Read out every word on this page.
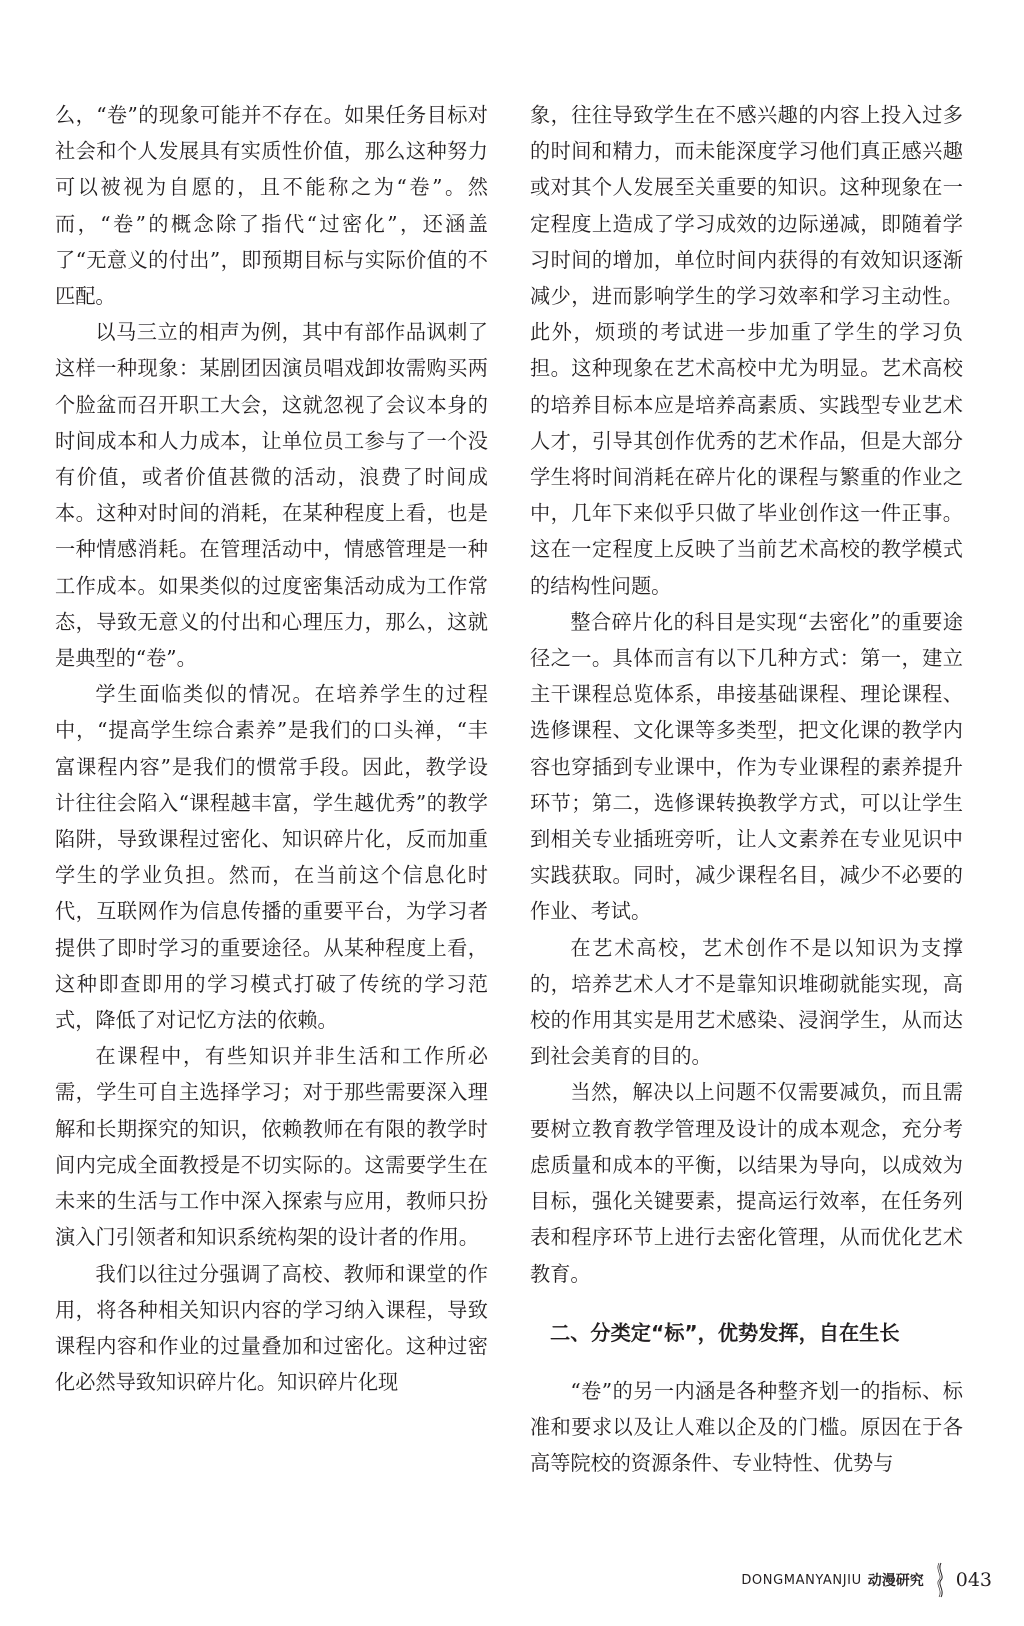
么，“卷”的现象可能并不存在。如果任务目标对社会和个人发展具有实质性价值，那么这种努力可以被视为自愿的，且不能称之为“卷”。然而，“卷”的概念除了指代“过密化”，还涵盖了“无意义的付出”，即预期目标与实际价值的不匹配。

以马三立的相声为例，其中有部作品讽刺了这样一种现象：某剧团因演员唱戏卸妆需购买两个脸盆而召开职工大会，这就忽视了会议本身的时间成本和人力成本，让单位员工参与了一个没有价值，或者价值甚微的活动，浪费了时间成本。这种对时间的消耗，在某种程度上看，也是一种情感消耗。在管理活动中，情感管理是一种工作成本。如果类似的过度密集活动成为工作常态，导致无意义的付出和心理压力，那么，这就是典型的“卷”。

学生面临类似的情况。在培养学生的过程中，“提高学生综合素养”是我们的口头禅，“丰富课程内容”是我们的惯常手段。因此，教学设计往往会陷入“课程越丰富，学生越优秀”的教学陷阱，导致课程过密化、知识碎片化，反而加重学生的学业负担。然而，在当前这个信息化时代，互联网作为信息传播的重要平台，为学习者提供了即时学习的重要途径。从某种程度上看，这种即查即用的学习模式打破了传统的学习范式，降低了对记忆方法的依赖。

在课程中，有些知识并非生活和工作所必需，学生可自主选择学习；对于那些需要深入理解和长期探究的知识，依赖教师在有限的教学时间内完成全面教授是不切实际的。这需要学生在未来的生活与工作中深入探索与应用，教师只扮演入门引领者和知识系统构架的设计者的作用。

我们以往过分强调了高校、教师和课堂的作用，将各种相关知识内容的学习纳入课程，导致课程内容和作业的过量叠加和过密化。这种过密化必然导致知识碎片化。知识碎片化现

象，往往导致学生在不感兴趣的内容上投入过多的时间和精力，而未能深度学习他们真正感兴趣或对其个人发展至关重要的知识。这种现象在一定程度上造成了学习成效的边际递减，即随着学习时间的增加，单位时间内获得的有效知识逐渐减少，进而影响学生的学习效率和学习主动性。此外，烦琐的考试进一步加重了学生的学习负担。这种现象在艺术高校中尤为明显。艺术高校的培养目标本应是培养高素质、实践型专业艺术人才，引导其创作优秀的艺术作品，但是大部分学生将时间消耗在碎片化的课程与繁重的作业之中，几年下来似乎只做了毕业创作这一件正事。这在一定程度上反映了当前艺术高校的教学模式的结构性问题。

整合碎片化的科目是实现“去密化”的重要途径之一。具体而言有以下几种方式：第一，建立主干课程总览体系，串接基础课程、理论课程、选修课程、文化课等多类型，把文化课的教学内容也穿插到专业课中，作为专业课程的素养提升环节；第二，选修课转换教学方式，可以让学生到相关专业插班旁听，让人文素养在专业见识中实践获取。同时，减少课程名目，减少不必要的作业、考试。

在艺术高校，艺术创作不是以知识为支撑的，培养艺术人才不是靠知识堆砌就能实现，高校的作用其实是用艺术感染、浸润学生，从而达到社会美育的目的。

当然，解决以上问题不仅需要减负，而且需要树立教育教学管理及设计的成本观念，充分考虑质量和成本的平衡，以结果为导向，以成效为目标，强化关键要素，提高运行效率，在任务列表和程序环节上进行去密化管理，从而优化艺术教育。

二、分类定“标”，优势发挥，自在生长

“卷”的另一内涵是各种整齐划一的指标、标准和要求以及让人难以企及的门槛。原因在于各高等院校的资源条件、专业特性、优势与

DONGMANYANJIU 动漫研究 043
